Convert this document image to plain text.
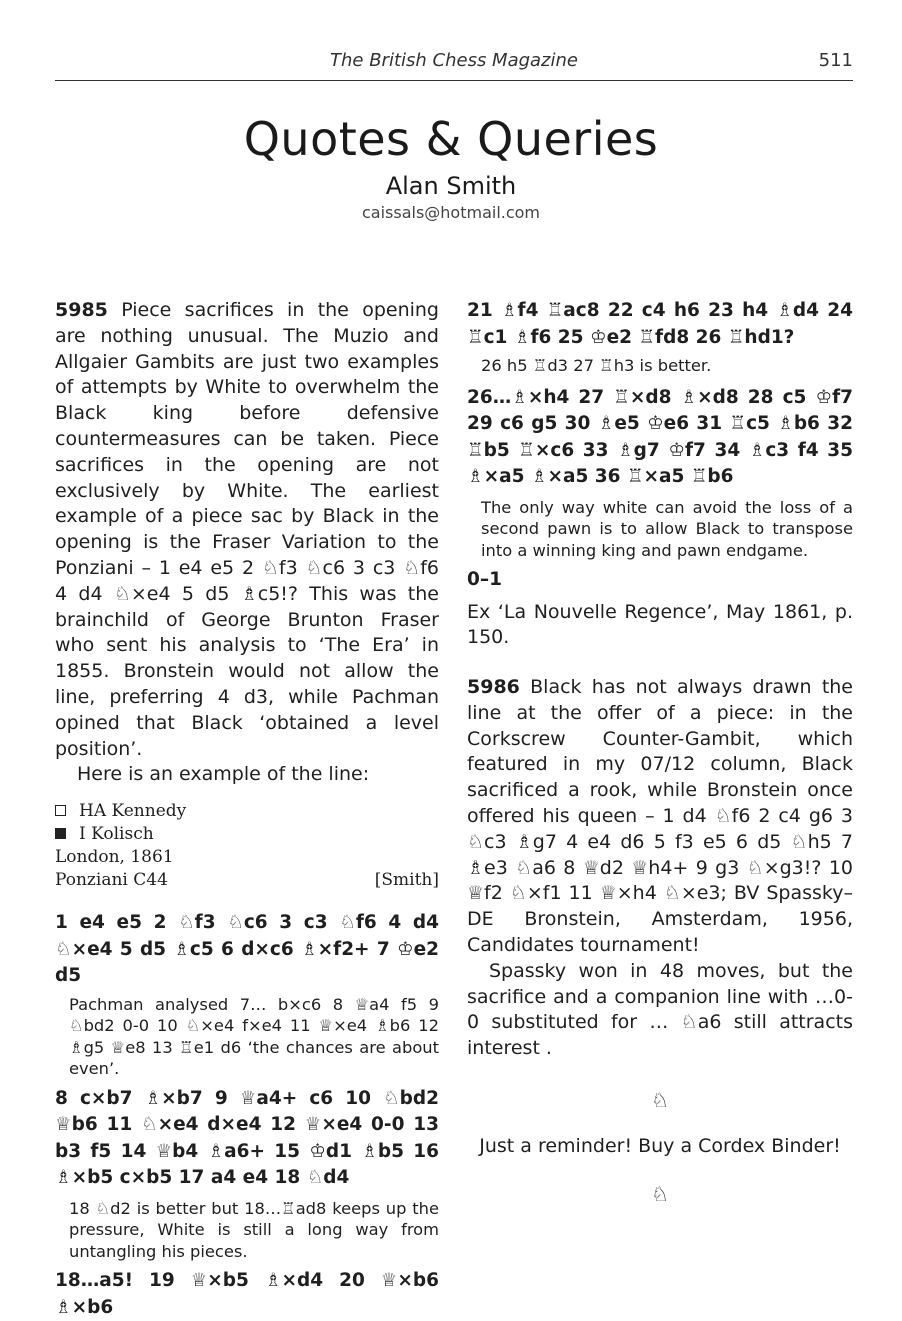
The British Chess Magazine	511
Quotes & Queries
Alan Smith
caissals@hotmail.com

5985 Piece sacrifices in the opening are nothing unusual. The Muzio and Allgaier Gambits are just two examples of attempts by White to overwhelm the Black king before defensive countermeasures can be taken. Piece sacrifices in the opening are not exclusively by White. The earliest example of a piece sac by Black in the opening is the Fraser Variation to the Ponziani – 1 e4 e5 2 ♘f3 ♘c6 3 c3 ♘f6 4 d4 ♘×e4 5 d5 ♗c5!? This was the brainchild of George Brunton Fraser who sent his analysis to ‘The Era’ in 1855. Bronstein would not allow the line, preferring 4 d3, while Pachman opined that Black ‘obtained a level position’.

Here is an example of the line:

HA Kennedy
I Kolisch
London, 1861
Ponziani C44	[Smith]

1 e4 e5 2 ♘f3 ♘c6 3 c3 ♘f6 4 d4 ♘×e4 5 d5 ♗c5 6 d×c6 ♗×f2+ 7 ♔e2 d5

Pachman analysed 7… b×c6 8 ♕a4 f5 9 ♘bd2 0-0 10 ♘×e4 f×e4 11 ♕×e4 ♗b6 12 ♗g5 ♕e8 13 ♖e1 d6 ‘the chances are about even’.

8 c×b7 ♗×b7 9 ♕a4+ c6 10 ♘bd2 ♕b6 11 ♘×e4 d×e4 12 ♕×e4 0-0 13 b3 f5 14 ♕b4 ♗a6+ 15 ♔d1 ♗b5 16 ♗×b5 c×b5 17 a4 e4 18 ♘d4

18 ♘d2 is better but 18…♖ad8 keeps up the pressure, White is still a long way from untangling his pieces.

18…a5! 19 ♕×b5 ♗×d4 20 ♕×b6 ♗×b6

21 ♗f4 ♖ac8 22 c4 h6 23 h4 ♗d4 24 ♖c1 ♗f6 25 ♔e2 ♖fd8 26 ♖hd1?

26 h5 ♖d3 27 ♖h3 is better.

26…♗×h4 27 ♖×d8 ♗×d8 28 c5 ♔f7 29 c6 g5 30 ♗e5 ♔e6 31 ♖c5 ♗b6 32 ♖b5 ♖×c6 33 ♗g7 ♔f7 34 ♗c3 f4 35 ♗×a5 ♗×a5 36 ♖×a5 ♖b6

The only way white can avoid the loss of a second pawn is to allow Black to transpose into a winning king and pawn endgame.

0–1

Ex ‘La Nouvelle Regence’, May 1861, p. 150.

5986 Black has not always drawn the line at the offer of a piece: in the Corkscrew Counter-Gambit, which featured in my 07/12 column, Black sacrificed a rook, while Bronstein once offered his queen – 1 d4 ♘f6 2 c4 g6 3 ♘c3 ♗g7 4 e4 d6 5 f3 e5 6 d5 ♘h5 7 ♗e3 ♘a6 8 ♕d2 ♕h4+ 9 g3 ♘×g3!? 10 ♕f2 ♘×f1 11 ♕×h4 ♘×e3; BV Spassky–DE Bronstein, Amsterdam, 1956, Candidates tournament!

Spassky won in 48 moves, but the sacrifice and a companion line with …0-0 substituted for … ♘a6 still attracts interest .

♘

Just a reminder! Buy a Cordex Binder!

♘
